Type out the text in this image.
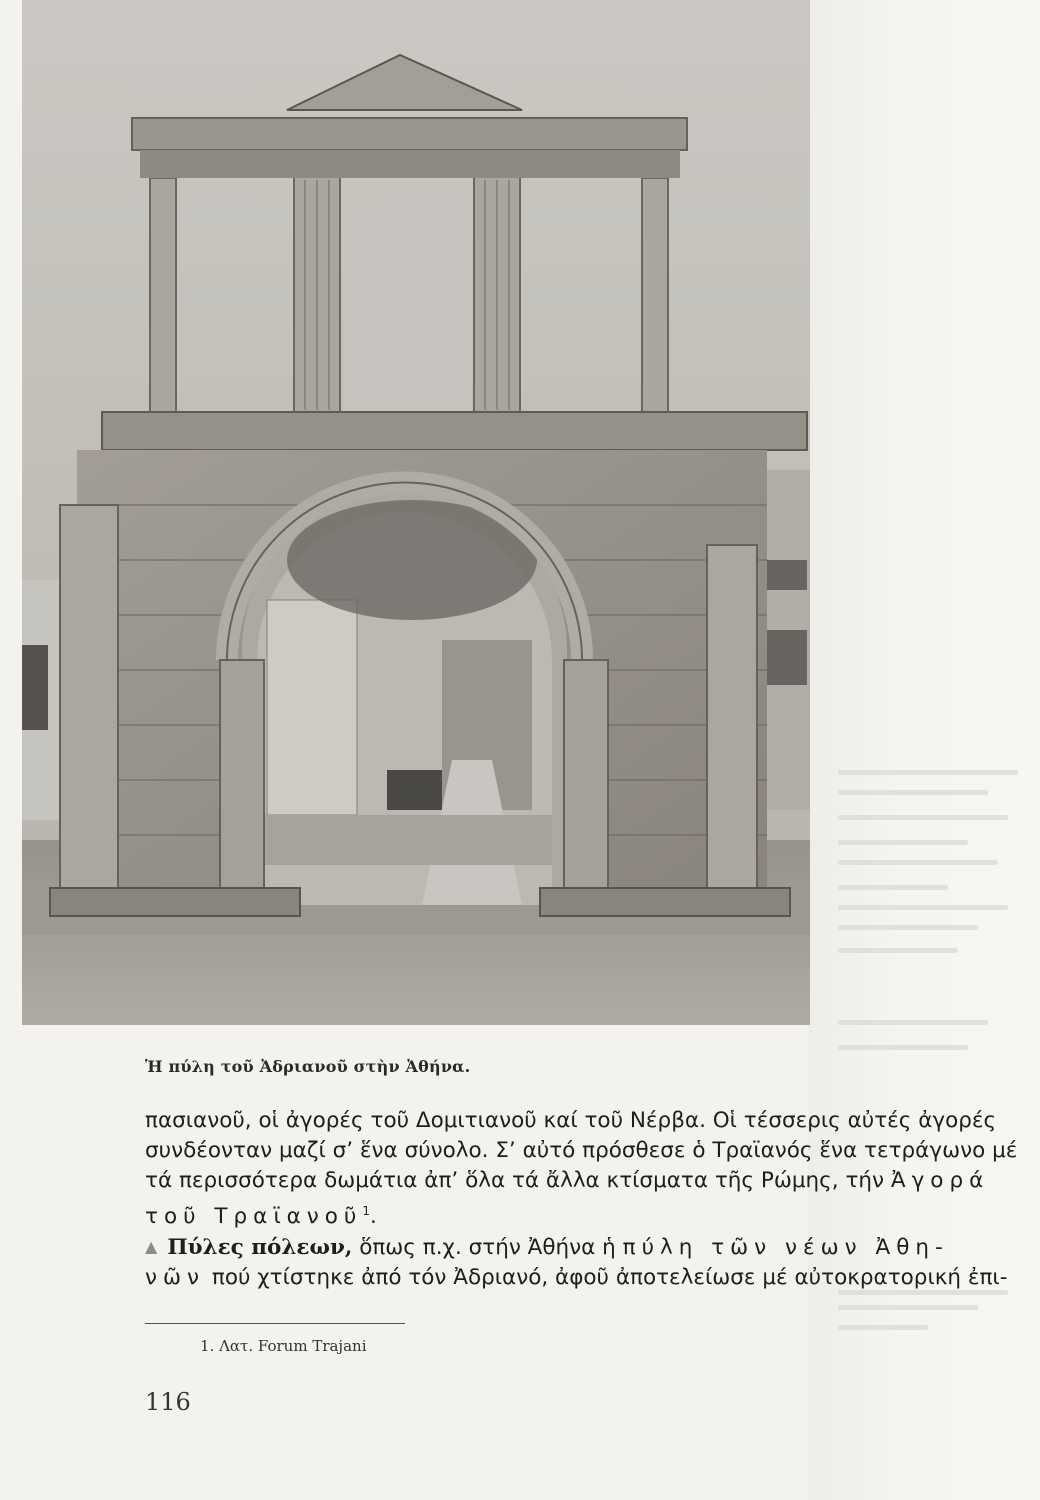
Ἡ πύλη τοῦ Ἀδριανοῦ στὴν Ἀθήνα.
πασιανοῦ, οἱ ἀγορές τοῦ Δομιτιανοῦ καί τοῦ Νέρβα. Οἱ τέσσερις αὐτές ἀγορές
συνδέονταν μαζί σ’ ἕνα σύνολο. Σ’ αὐτό πρόσθεσε ὁ Τραϊανός ἕνα τετράγωνο μέ
τά περισσότερα δωμάτια ἀπ’ ὅλα τά ἄλλα κτίσματα τῆς Ρώμης, τήν Ἀγορά
τοῦ Τραϊανοῦ$^1$.
▲ Πύλες πόλεων, ὅπως π.χ. στήν Ἀθήνα ἡ πύλη τῶν νέων Ἀθη-
νῶν πού χτίστηκε ἀπό τόν Ἀδριανό, ἀφοῦ ἀποτελείωσε μέ αὐτοκρατορική ἐπι-
1. Λατ. Forum Trajani
116
